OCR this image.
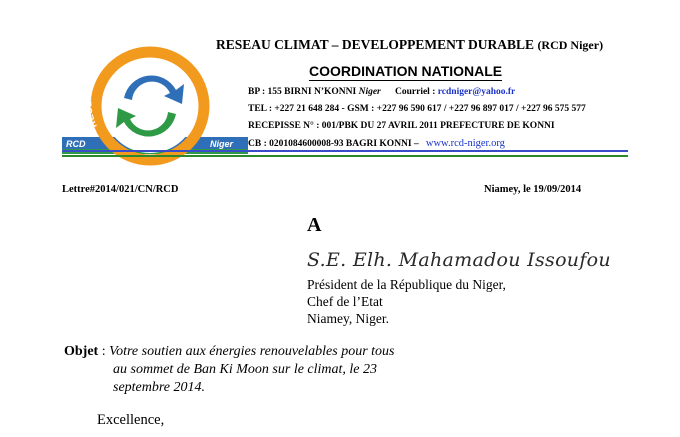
RESEAU CLIMAT DEVELOPPEMENT
RCD	Niger
RESEAU CLIMAT – DEVELOPPEMENT DURABLE (RCD Niger)
COORDINATION NATIONALE
BP : 155 BIRNI N’KONNI Niger Courriel : rcdniger@yahoo.fr
TEL : +227 21 648 284 - GSM : +227 96 590 617 / +227 96 897 017 / +227 96 575 577
RECEPISSE N° : 001/PBK DU 27 AVRIL 2011 PREFECTURE DE KONNI
CB : 0201084600008-93 BAGRI KONNI – www.rcd-niger.org
Lettre#2014/021/CN/RCD	Niamey, le 19/09/2014
A
S.E. Elh. Mahamadou Issoufou
Président de la République du Niger,
Chef de l’Etat
Niamey, Niger.
Objet : Votre soutien aux énergies renouvelables pour tous
au sommet de Ban Ki Moon sur le climat, le 23
septembre 2014.
Excellence,
